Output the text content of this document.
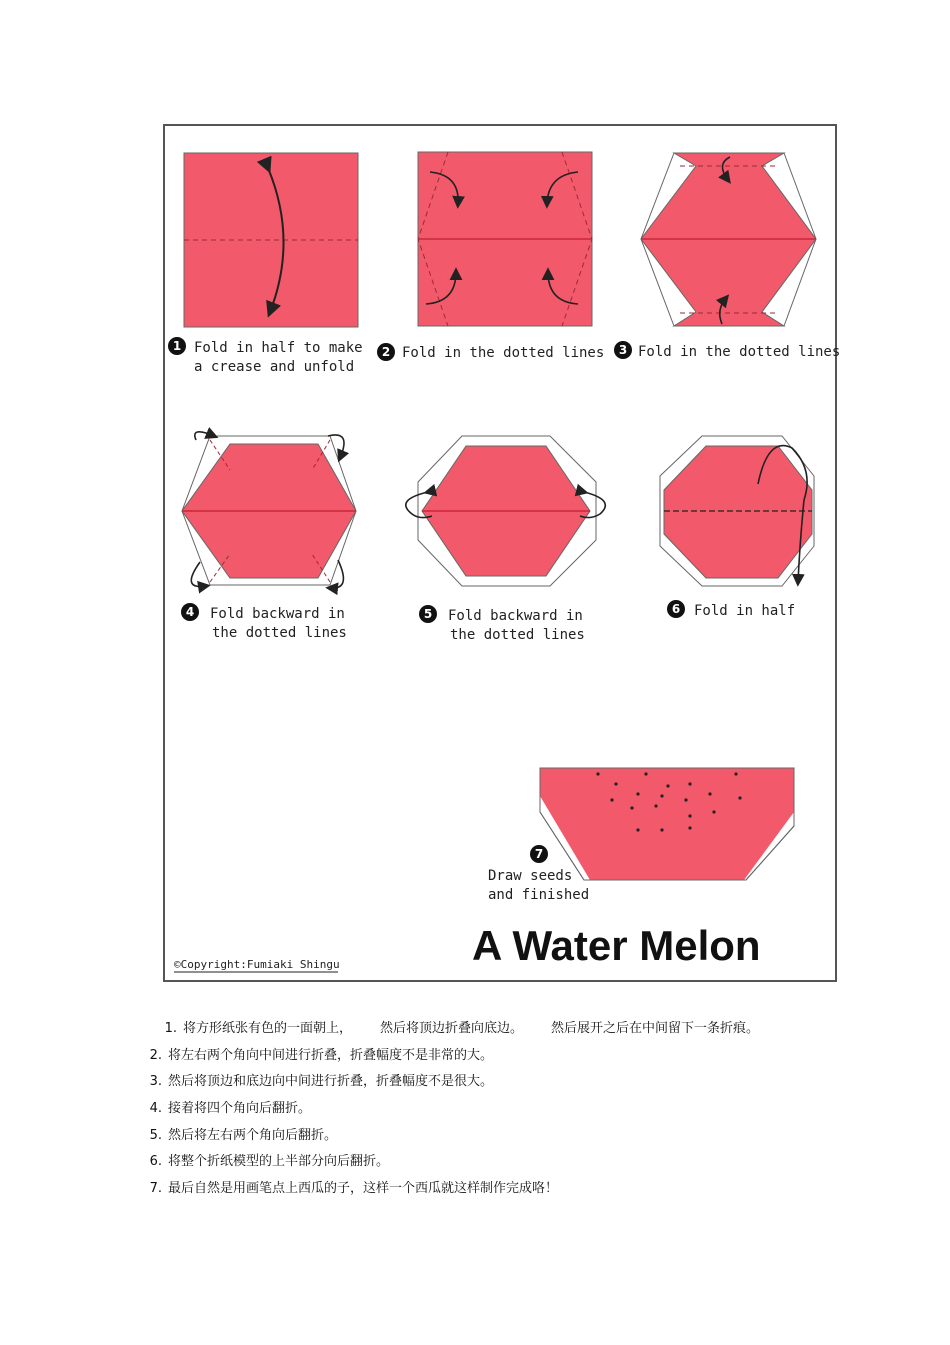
1	2	3
4	5	6
7
Fold in half to make
a crease and unfold
Fold in the dotted lines Fold in the dotted lines
Fold backward in
the dotted lines
Fold backward in
the dotted lines
Fold in half
Draw seeds
and finished
A Water Melon
©Copyright:Fumiaki Shingu
1. 将方形纸张有色的一面朝上， 然后将顶边折叠向底边。 然后展开之后在中间留下一条折痕。
2. 将左右两个角向中间进行折叠，折叠幅度不是非常的大。
3. 然后将顶边和底边向中间进行折叠，折叠幅度不是很大。
4. 接着将四个角向后翻折。
5. 然后将左右两个角向后翻折。
6. 将整个折纸模型的上半部分向后翻折。
7. 最后自然是用画笔点上西瓜的子，这样一个西瓜就这样制作完成咯！
